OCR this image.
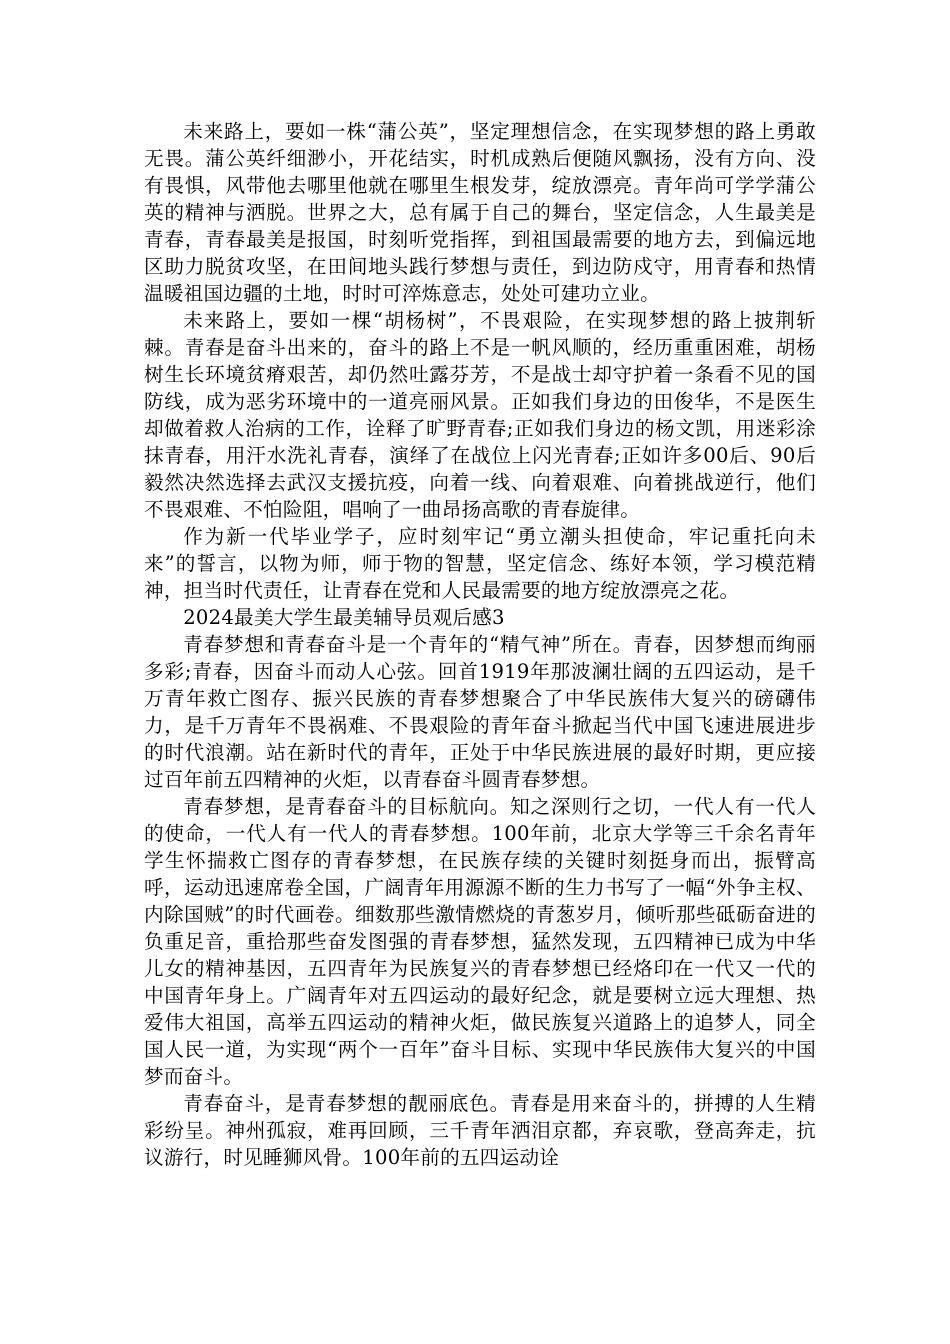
未来路上，要如一株“蒲公英”，坚定理想信念，在实现梦想的路上勇敢无畏。蒲公英纤细渺小，开花结实，时机成熟后便随风飘扬，没有方向、没有畏惧，风带他去哪里他就在哪里生根发芽，绽放漂亮。青年尚可学学蒲公英的精神与洒脱。世界之大，总有属于自己的舞台，坚定信念，人生最美是青春，青春最美是报国，时刻听党指挥，到祖国最需要的地方去，到偏远地区助力脱贫攻坚，在田间地头践行梦想与责任，到边防戍守，用青春和热情温暖祖国边疆的土地，时时可淬炼意志，处处可建功立业。

未来路上，要如一棵“胡杨树”，不畏艰险，在实现梦想的路上披荆斩棘。青春是奋斗出来的，奋斗的路上不是一帆风顺的，经历重重困难，胡杨树生长环境贫瘠艰苦，却仍然吐露芬芳，不是战士却守护着一条看不见的国防线，成为恶劣环境中的一道亮丽风景。正如我们身边的田俊华，不是医生却做着救人治病的工作，诠释了旷野青春;正如我们身边的杨文凯，用迷彩涂抹青春，用汗水洗礼青春，演绎了在战位上闪光青春;正如许多00后、90后毅然决然选择去武汉支援抗疫，向着一线、向着艰难、向着挑战逆行，他们不畏艰难、不怕险阻，唱响了一曲昂扬高歌的青春旋律。

作为新一代毕业学子，应时刻牢记“勇立潮头担使命，牢记重托向未来”的誓言，以物为师，师于物的智慧，坚定信念、练好本领，学习模范精神，担当时代责任，让青春在党和人民最需要的地方绽放漂亮之花。

2024最美大学生最美辅导员观后感3

青春梦想和青春奋斗是一个青年的“精气神”所在。青春，因梦想而绚丽多彩;青春，因奋斗而动人心弦。回首1919年那波澜壮阔的五四运动，是千万青年救亡图存、振兴民族的青春梦想聚合了中华民族伟大复兴的磅礴伟力，是千万青年不畏祸难、不畏艰险的青年奋斗掀起当代中国飞速进展进步的时代浪潮。站在新时代的青年，正处于中华民族进展的最好时期，更应接过百年前五四精神的火炬，以青春奋斗圆青春梦想。

青春梦想，是青春奋斗的目标航向。知之深则行之切，一代人有一代人的使命，一代人有一代人的青春梦想。100年前，北京大学等三千余名青年学生怀揣救亡图存的青春梦想，在民族存续的关键时刻挺身而出，振臂高呼，运动迅速席卷全国，广阔青年用源源不断的生力书写了一幅“外争主权、内除国贼”的时代画卷。细数那些激情燃烧的青葱岁月，倾听那些砥砺奋进的负重足音，重拾那些奋发图强的青春梦想，猛然发现，五四精神已成为中华儿女的精神基因，五四青年为民族复兴的青春梦想已经烙印在一代又一代的中国青年身上。广阔青年对五四运动的最好纪念，就是要树立远大理想、热爱伟大祖国，高举五四运动的精神火炬，做民族复兴道路上的追梦人，同全国人民一道，为实现“两个一百年”奋斗目标、实现中华民族伟大复兴的中国梦而奋斗。

青春奋斗，是青春梦想的靓丽底色。青春是用来奋斗的，拼搏的人生精彩纷呈。神州孤寂，难再回顾，三千青年洒泪京都，弃哀歌，登高奔走，抗议游行，时见睡狮风骨。100年前的五四运动诠
